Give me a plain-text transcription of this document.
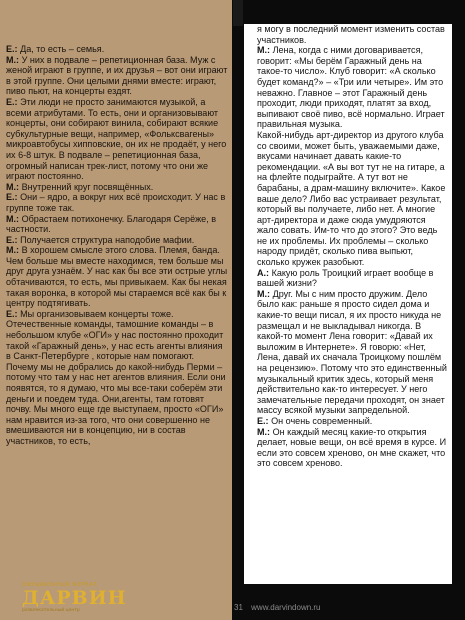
Е.: Да, то есть – семья.

М.: У них в подвале – репетиционная база. Муж с женой играют в группе, и их друзья – вот они играют в этой группе. Они целыми днями вместе: играют, пиво пьют, на концерты ездят.

Е.: Эти люди не просто занимаются музыкой, а всеми атрибутами. То есть, они и организовывают концерты, они собирают винила, собирают всякие субкультурные вещи, например, «Фольксвагены» микроавтобусы хипповские, он их не продаёт, у него их 6-8 штук. В подвале – репетиционная база, огромный написан трек-лист, потому что они же играют постоянно.

М.: Внутренний круг посвящённых.

Е.: Они – ядро, а вокруг них всё происходит. У нас в группе тоже так.

М.: Обрастаем потихонечку. Благодаря Серёже, в частности.

Е.: Получается структура наподобие мафии.

М.: В хорошем смысле этого слова. Племя, банда. Чем больше мы вместе находимся, тем больше мы друг друга узнаём. У нас как бы все эти острые углы обтачиваются, то есть, мы привыкаем. Как бы некая такая воронка, в которой мы стараемся всё как бы к центру подтягивать.

Е.: Мы организовываем концерты тоже. Отечественные команды, тамошние команды – в небольшом клубе «ОГИ» у нас постоянно проходит такой «Гаражный день», у нас есть агенты влияния в Санкт-Петербурге , которые нам помогают. Почему мы не добрались до какой-нибудь Перми – потому что там у нас нет агентов влияния. Если они появятся, то я думаю, что мы все-таки соберём эти деньги и поедем туда. Они,агенты, там готовят почву. Мы многo еще где выступаем, просто «ОГИ» нам нравится из-за того, что они совершенно не вмешиваются ни в концепцию, ни в состав участников, то есть,

я могу в последний момент изменить состав участников.

М.: Лена, когда с ними договаривается, говорит: «Мы берём Гаражный день на такое-то число». Клуб говорит: «А сколько будет команд?» – «Три или четыре». Им это неважно. Главное – этот Гаражный день проходит, люди приходят, платят за вход, выпивают своё пиво, всё нормально. Играет правильная музыка.

Какой-нибудь арт-директор из другого клуба со своими, может быть, уважаемыми даже, вкусами начинает давать какие-то рекомендации. «А вы вот тут не на гитаре, а на флейте подыграйте. А тут вот не барабаны, а драм-машину включите». Какое ваше дело? Либо вас устраивает результат, который вы получаете, либо нет. А многие арт-директора и даже сюда умудряются жало совать. Им-то что до этого? Это ведь не их проблемы. Их проблемы – сколько народу придёт, сколько пива выпьют, сколько кружек разобьют.

А.: Какую роль Троицкий играет вообще в вашей жизни?

М.: Друг. Мы с ним просто дружим. Дело было как: раньше я просто сидел дома и какие-то вещи писал, я их просто никуда не размещал и не выкладывал никогда. В какой-то момент Лена говорит: «Давай их выложим в Интернете». Я говорю: «Нет, Лена, давай их сначала Троицкому пошлём на рецензию». Потому что это единственный музыкальный критик здесь, который меня действительно как-то интересует. У него замечательные передачи проходят, он знает массу всякой музыки запредельной.

Е.: Он очень современный.

М.: Он каждый месяц какие-то открытия делает, новые вещи, он всё время в курсе. И если это совсем хреново, он мне скажет, что это совсем хреново.

ОФИЦИАЛЬНЫЙ ЖУРНАЛ
ДАРВИН
развлекательный центр	31 www.darvindown.ru
